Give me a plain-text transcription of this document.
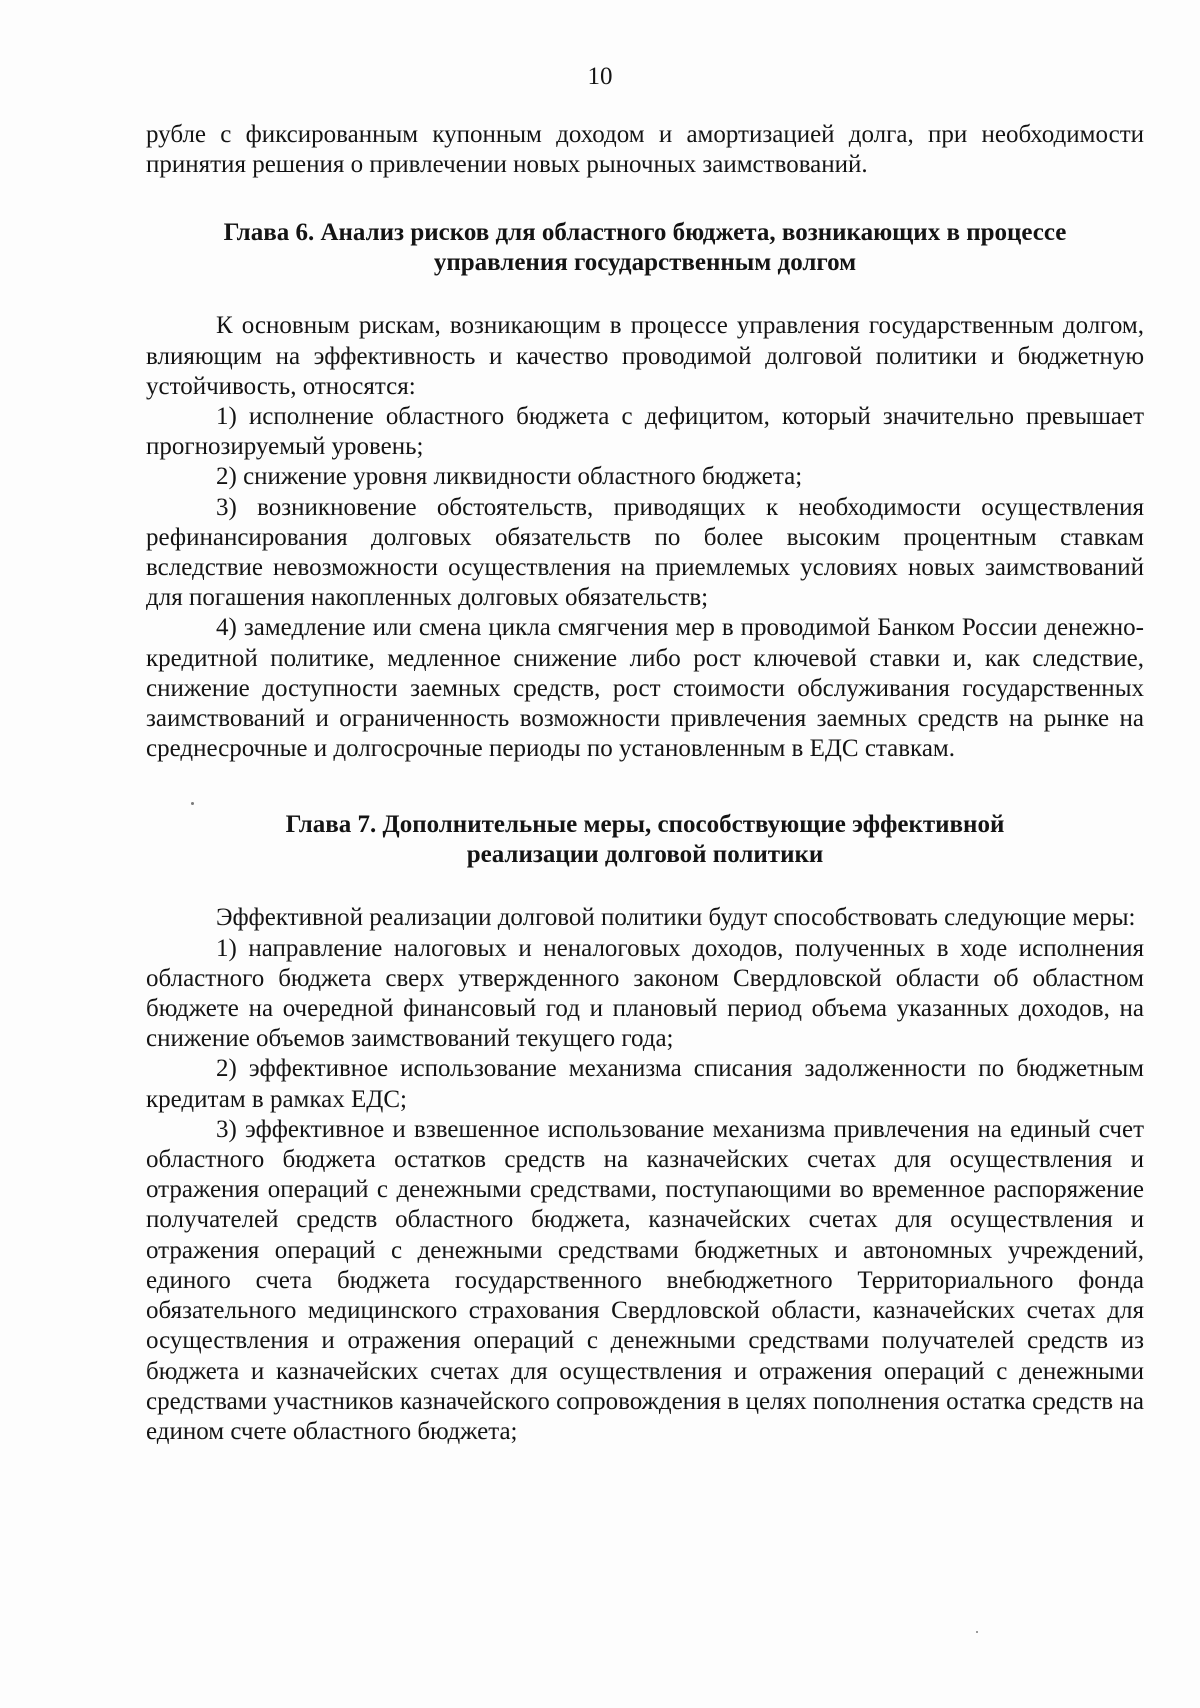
10

рубле с фиксированным купонным доходом и амортизацией долга, при необходимости принятия решения о привлечении новых рыночных заимствований.

Глава 6. Анализ рисков для областного бюджета, возникающих в процессе
управления государственным долгом

К основным рискам, возникающим в процессе управления государственным долгом, влияющим на эффективность и качество проводимой долговой политики и бюджетную устойчивость, относятся:

1) исполнение областного бюджета с дефицитом, который значительно превышает прогнозируемый уровень;

2) снижение уровня ликвидности областного бюджета;

3) возникновение обстоятельств, приводящих к необходимости осуществления рефинансирования долговых обязательств по более высоким процентным ставкам вследствие невозможности осуществления на приемлемых условиях новых заимствований для погашения накопленных долговых обязательств;

4) замедление или смена цикла смягчения мер в проводимой Банком России денежно-кредитной политике, медленное снижение либо рост ключевой ставки и, как следствие, снижение доступности заемных средств, рост стоимости обслуживания государственных заимствований и ограниченность возможности привлечения заемных средств на рынке на среднесрочные и долгосрочные периоды по установленным в ЕДС ставкам.

Глава 7. Дополнительные меры, способствующие эффективной
реализации долговой политики

Эффективной реализации долговой политики будут способствовать следующие меры:

1) направление налоговых и неналоговых доходов, полученных в ходе исполнения областного бюджета сверх утвержденного законом Свердловской области об областном бюджете на очередной финансовый год и плановый период объема указанных доходов, на снижение объемов заимствований текущего года;

2) эффективное использование механизма списания задолженности по бюджетным кредитам в рамках ЕДС;

3) эффективное и взвешенное использование механизма привлечения на единый счет областного бюджета остатков средств на казначейских счетах для осуществления и отражения операций с денежными средствами, поступающими во временное распоряжение получателей средств областного бюджета, казначейских счетах для осуществления и отражения операций с денежными средствами бюджетных и автономных учреждений, единого счета бюджета государственного внебюджетного Территориального фонда обязательного медицинского страхования Свердловской области, казначейских счетах для осуществления и отражения операций с денежными средствами получателей средств из бюджета и казначейских счетах для осуществления и отражения операций с денежными средствами участников казначейского сопровождения в целях пополнения остатка средств на едином счете областного бюджета;
